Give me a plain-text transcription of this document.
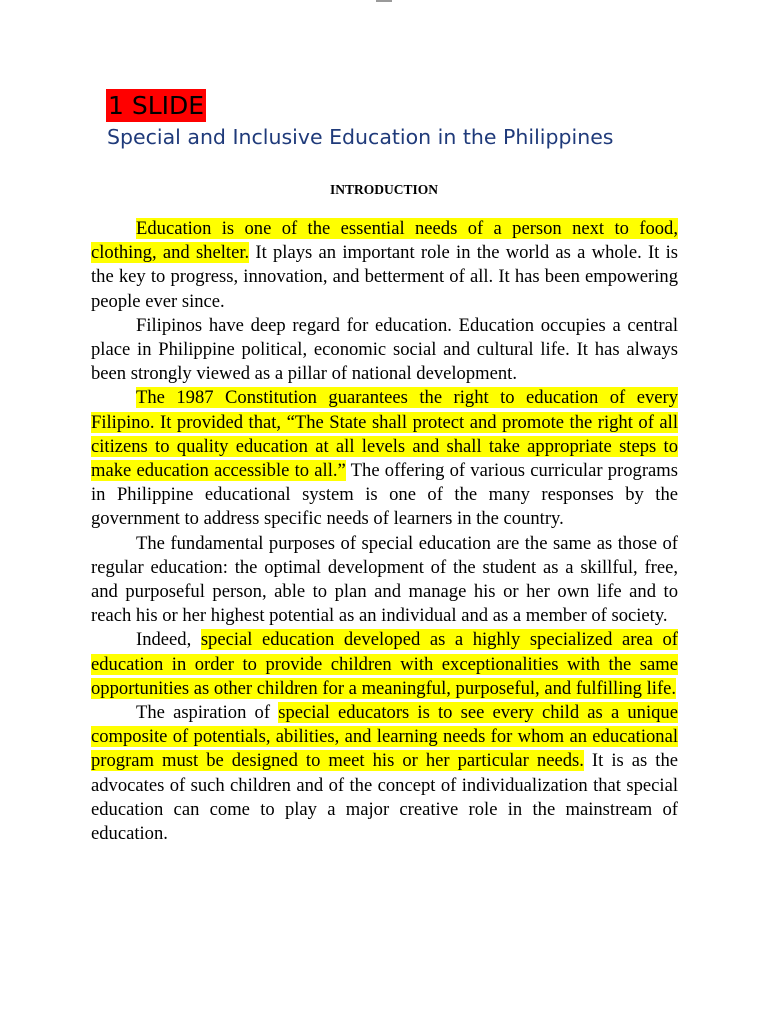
1 SLIDE
Special and Inclusive Education in the Philippines
INTRODUCTION

Education is one of the essential needs of a person next to food, clothing, and shelter. It plays an important role in the world as a whole. It is the key to progress, innovation, and betterment of all. It has been empowering people ever since.

Filipinos have deep regard for education. Education occupies a central place in Philippine political, economic social and cultural life. It has always been strongly viewed as a pillar of national development.

The 1987 Constitution guarantees the right to education of every Filipino. It provided that, “The State shall protect and promote the right of all citizens to quality education at all levels and shall take appropriate steps to make education accessible to all.” The offering of various curricular programs in Philippine educational system is one of the many responses by the government to address specific needs of learners in the country.

The fundamental purposes of special education are the same as those of regular education: the optimal development of the student as a skillful, free, and purposeful person, able to plan and manage his or her own life and to reach his or her highest potential as an individual and as a member of society.

Indeed, special education developed as a highly specialized area of education in order to provide children with exceptionalities with the same opportunities as other children for a meaningful, purposeful, and fulfilling life.

The aspiration of special educators is to see every child as a unique composite of potentials, abilities, and learning needs for whom an educational program must be designed to meet his or her particular needs. It is as the advocates of such children and of the concept of individualization that special education can come to play a major creative role in the mainstream of education.
